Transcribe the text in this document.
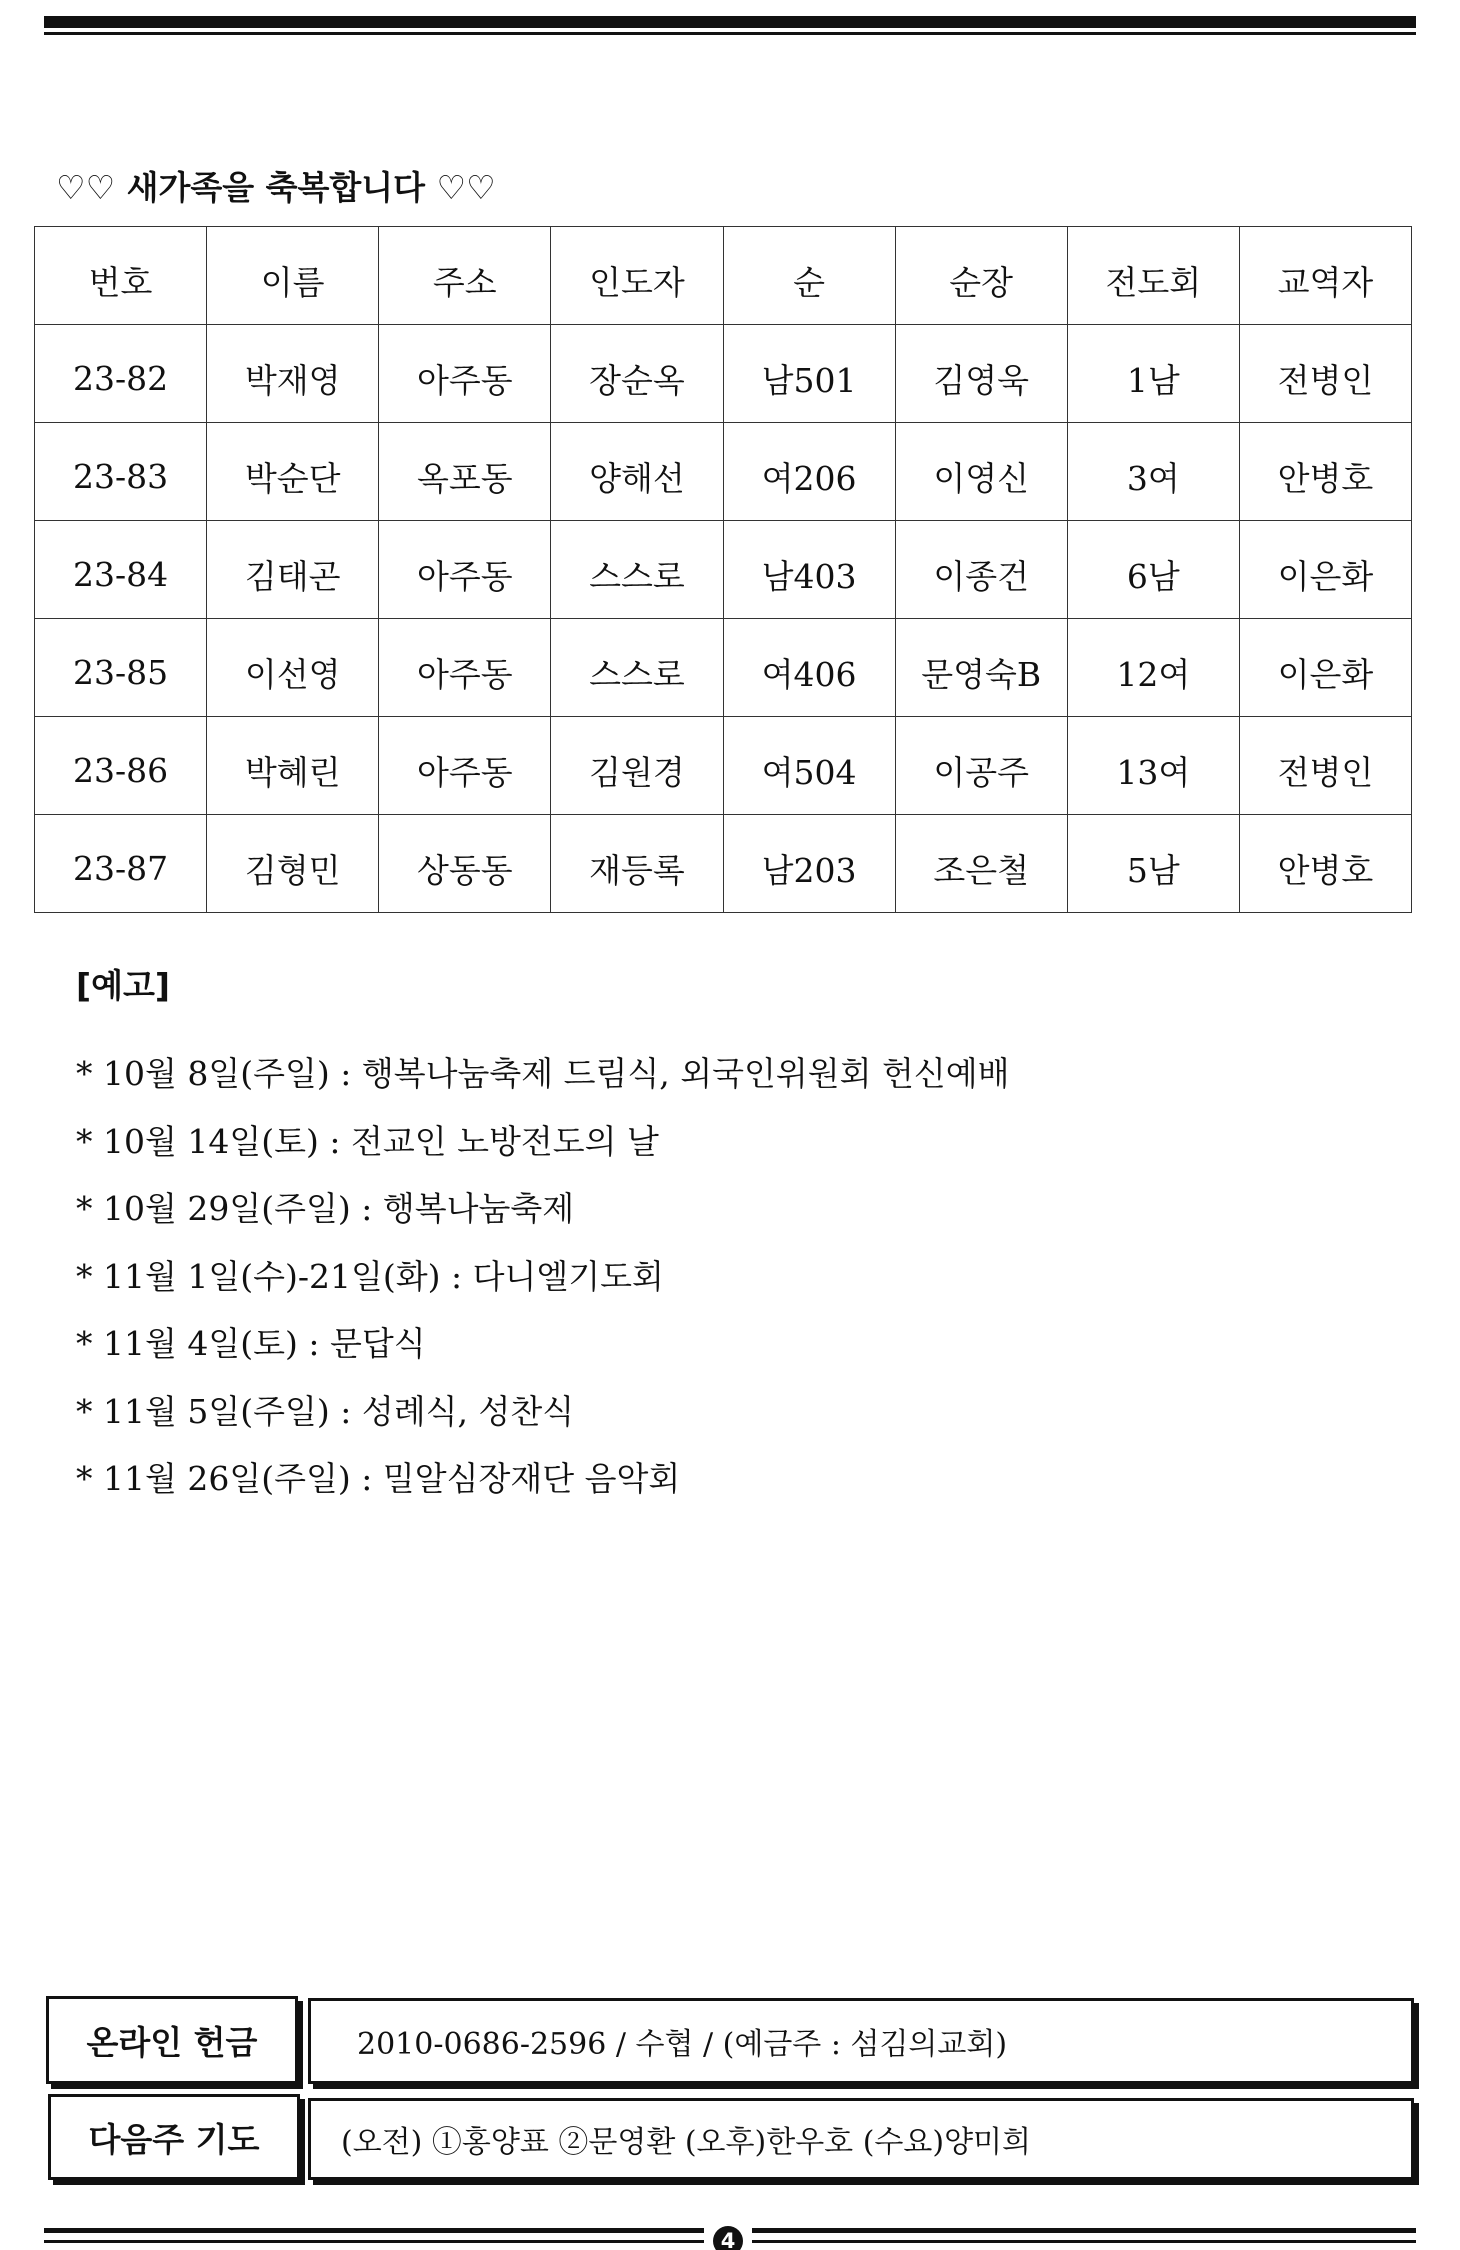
♡♡ 새가족을 축복합니다 ♡♡
번호	이름	주소	인도자	순	순장	전도회	교역자
23-82	박재영	아주동	장순옥	남501	김영욱	1남	전병인
23-83	박순단	옥포동	양해선	여206	이영신	3여	안병호
23-84	김태곤	아주동	스스로	남403	이종건	6남	이은화
23-85	이선영	아주동	스스로	여406	문영숙B	12여	이은화
23-86	박혜린	아주동	김원경	여504	이공주	13여	전병인
23-87	김형민	상동동	재등록	남203	조은철	5남	안병호
[예고]
* 10월 8일(주일) : 행복나눔축제 드림식, 외국인위원회 헌신예배
* 10월 14일(토) : 전교인 노방전도의 날
* 10월 29일(주일) : 행복나눔축제
* 11월 1일(수)-21일(화) : 다니엘기도회
* 11월 4일(토) : 문답식
* 11월 5일(주일) : 성례식, 성찬식
* 11월 26일(주일) : 밀알심장재단 음악회
온라인 헌금	2010-0686-2596 / 수협 / (예금주 : 섬김의교회)
다음주 기도	(오전) ①홍양표 ②문영환 (오후)한우호 (수요)양미희
4
